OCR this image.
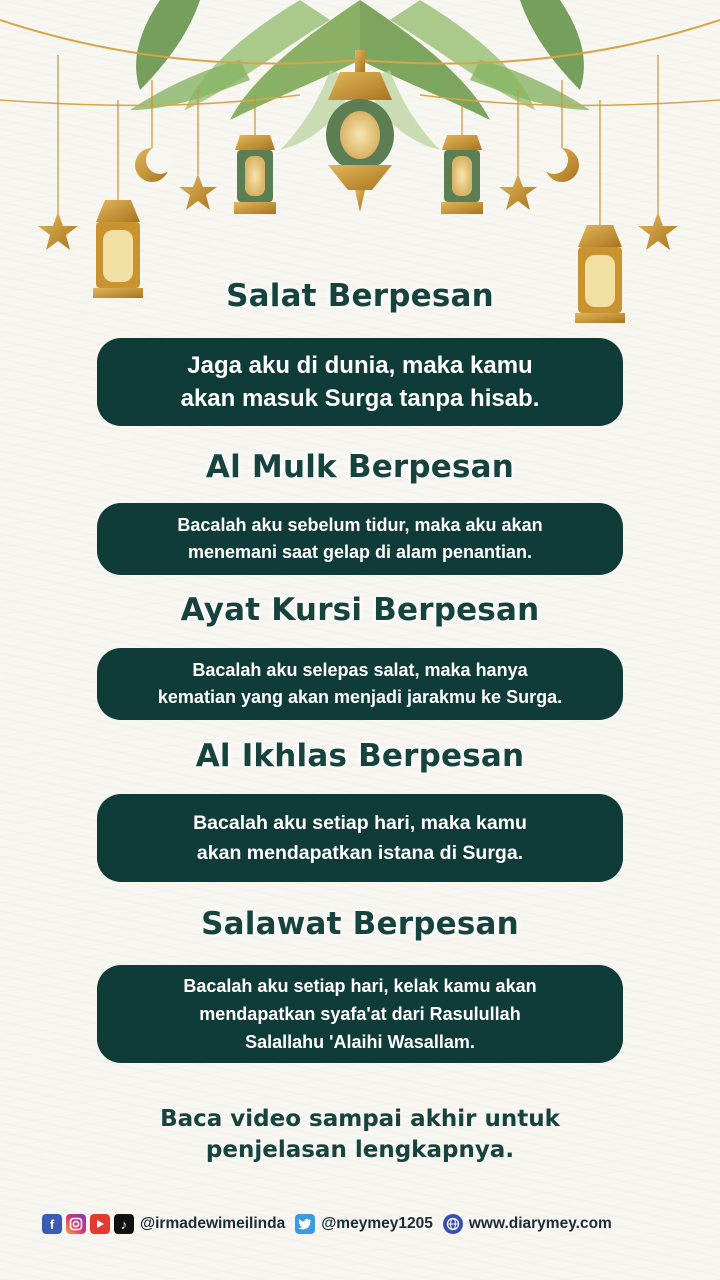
Salat Berpesan
Jaga aku di dunia, maka kamu
akan masuk Surga tanpa hisab.
Al Mulk Berpesan
Bacalah aku sebelum tidur, maka aku akan
menemani saat gelap di alam penantian.
Ayat Kursi Berpesan
Bacalah aku selepas salat, maka hanya
kematian yang akan menjadi jarakmu ke Surga.
Al Ikhlas Berpesan
Bacalah aku setiap hari, maka kamu
akan mendapatkan istana di Surga.
Salawat Berpesan
Bacalah aku setiap hari, kelak kamu akan
mendapatkan syafa'at dari Rasulullah
Salallahu 'Alaihi Wasallam.
Baca video sampai akhir untuk
penjelasan lengkapnya.
f	♪ @irmadewimeilinda @meymey1205 www.diarymey.com
